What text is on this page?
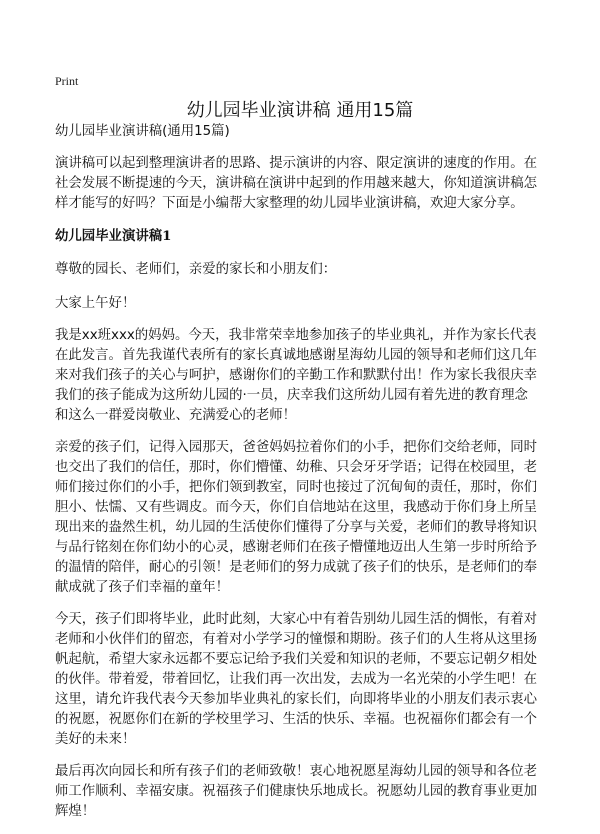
Print
幼儿园毕业演讲稿 通用15篇

幼儿园毕业演讲稿(通用15篇)

演讲稿可以起到整理演讲者的思路、提示演讲的内容、限定演讲的速度的作用。在
社会发展不断提速的今天，演讲稿在演讲中起到的作用越来越大，你知道演讲稿怎
样才能写的好吗？下面是小编帮大家整理的幼儿园毕业演讲稿，欢迎大家分享。

幼儿园毕业演讲稿1

尊敬的园长、老师们，亲爱的家长和小朋友们：

大家上午好！

我是xx班xxx的妈妈。今天，我非常荣幸地参加孩子的毕业典礼，并作为家长代表
在此发言。首先我谨代表所有的家长真诚地感谢星海幼儿园的领导和老师们这几年
来对我们孩子的关心与呵护，感谢你们的辛勤工作和默默付出！作为家长我很庆幸
我们的孩子能成为这所幼儿园的·一员，庆幸我们这所幼儿园有着先进的教育理念
和这么一群爱岗敬业、充满爱心的老师！

亲爱的孩子们，记得入园那天，爸爸妈妈拉着你们的小手，把你们交给老师，同时
也交出了我们的信任，那时，你们懵懂、幼稚、只会牙牙学语；记得在校园里，老
师们接过你们的小手，把你们领到教室，同时也接过了沉甸甸的责任，那时，你们
胆小、怯懦、又有些调皮。而今天，你们自信地站在这里，我感动于你们身上所呈
现出来的盎然生机，幼儿园的生活使你们懂得了分享与关爱，老师们的教导将知识
与品行铭刻在你们幼小的心灵，感谢老师们在孩子懵懂地迈出人生第一步时所给予
的温情的陪伴，耐心的引领！是老师们的努力成就了孩子们的快乐，是老师们的奉
献成就了孩子们幸福的童年！

今天，孩子们即将毕业，此时此刻，大家心中有着告别幼儿园生活的惆怅，有着对
老师和小伙伴们的留恋，有着对小学学习的憧憬和期盼。孩子们的人生将从这里扬
帆起航，希望大家永远都不要忘记给予我们关爱和知识的老师，不要忘记朝夕相处
的伙伴。带着爱，带着回忆，让我们再一次出发，去成为一名光荣的小学生吧！在
这里，请允许我代表今天参加毕业典礼的家长们，向即将毕业的小朋友们表示衷心
的祝愿，祝愿你们在新的学校里学习、生活的快乐、幸福。也祝福你们都会有一个
美好的未来！

最后再次向园长和所有孩子们的老师致敬！衷心地祝愿星海幼儿园的领导和各位老
师工作顺利、幸福安康。祝福孩子们健康快乐地成长。祝愿幼儿园的教育事业更加
辉煌！
